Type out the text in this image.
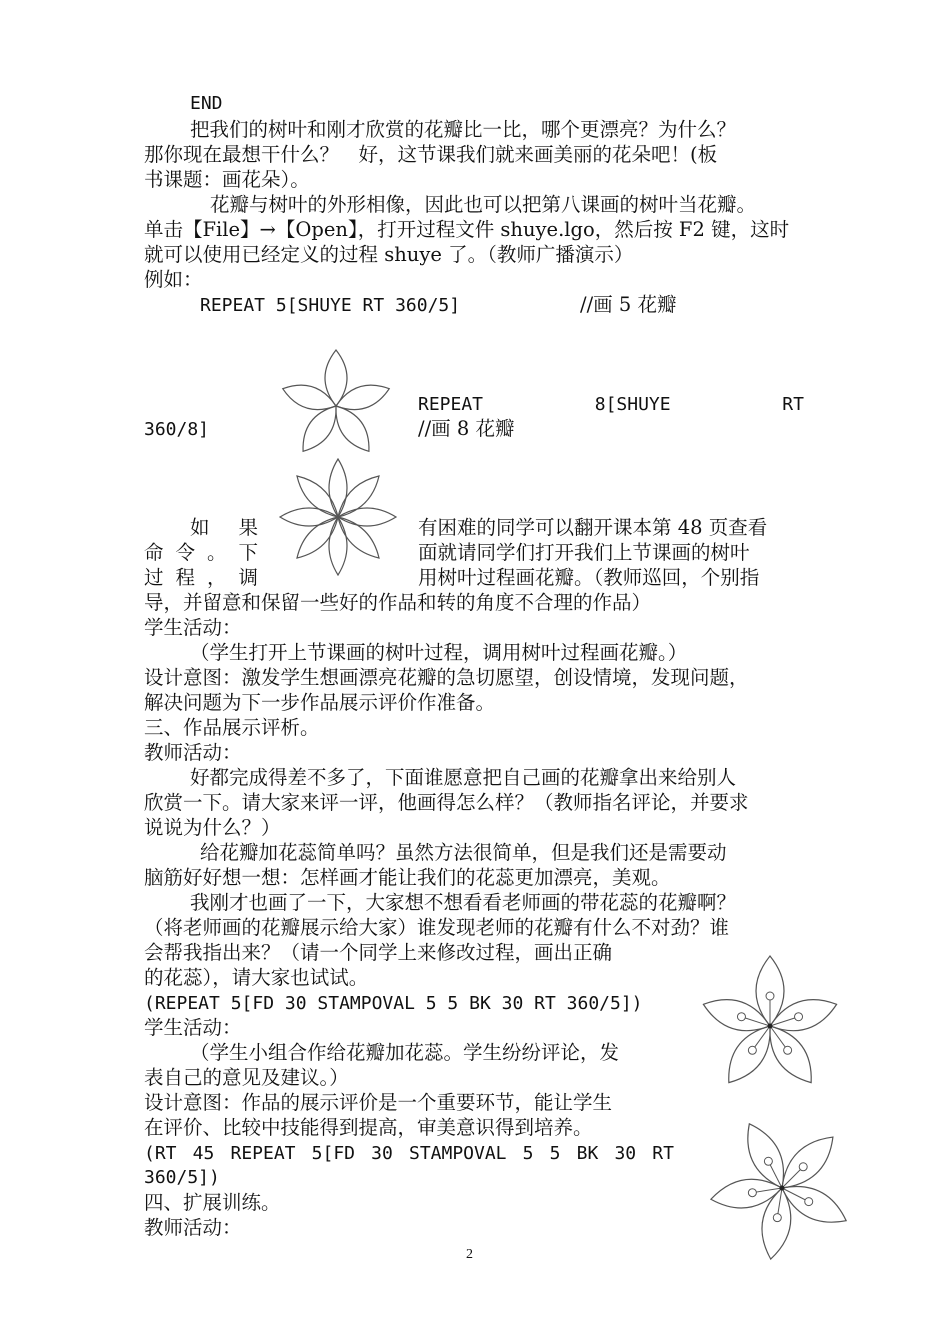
END
把我们的树叶和刚才欣赏的花瓣比一比，哪个更漂亮？为什么？
那你现在最想干什么？　好，这节课我们就来画美丽的花朵吧！(板
书课题：画花朵）。
花瓣与树叶的外形相像，因此也可以把第八课画的树叶当花瓣。
单击【File】→【Open】，打开过程文件 shuye.lgo，然后按 F2 键，这时
就可以使用已经定义的过程 shuye 了。（教师广播演示）
例如：
REPEAT 5[SHUYE RT 360/5]	//画 5 花瓣
REPEAT	8[SHUYE	RT
360/8]	//画 8 花瓣
如 果	有困难的同学可以翻开课本第 48 页查看
命 令 。 下	面就请同学们打开我们上节课画的树叶
过 程 ， 调	用树叶过程画花瓣。（教师巡回，个别指
导，并留意和保留一些好的作品和转的角度不合理的作品）
学生活动：
（学生打开上节课画的树叶过程，调用树叶过程画花瓣。）
设计意图：激发学生想画漂亮花瓣的急切愿望，创设情境，发现问题，
解决问题为下一步作品展示评价作准备。
三、作品展示评析。
教师活动：
好都完成得差不多了，下面谁愿意把自己画的花瓣拿出来给别人
欣赏一下。请大家来评一评，他画得怎么样？（教师指名评论，并要求
说说为什么？）
给花瓣加花蕊简单吗？虽然方法很简单，但是我们还是需要动
脑筋好好想一想：怎样画才能让我们的花蕊更加漂亮，美观。
我刚才也画了一下，大家想不想看看老师画的带花蕊的花瓣啊？
（将老师画的花瓣展示给大家）谁发现老师的花瓣有什么不对劲？谁
会帮我指出来？（请一个同学上来修改过程，画出正确
的花蕊），请大家也试试。
(REPEAT 5[FD 30 STAMPOVAL 5 5 BK 30 RT 360/5])
学生活动：
（学生小组合作给花瓣加花蕊。学生纷纷评论，发
表自己的意见及建议。）
设计意图：作品的展示评价是一个重要环节，能让学生
在评价、比较中技能得到提高，审美意识得到培养。
(RT 45 REPEAT 5[FD 30 STAMPOVAL 5 5 BK 30 RT
360/5])
四、扩展训练。
教师活动：
2
